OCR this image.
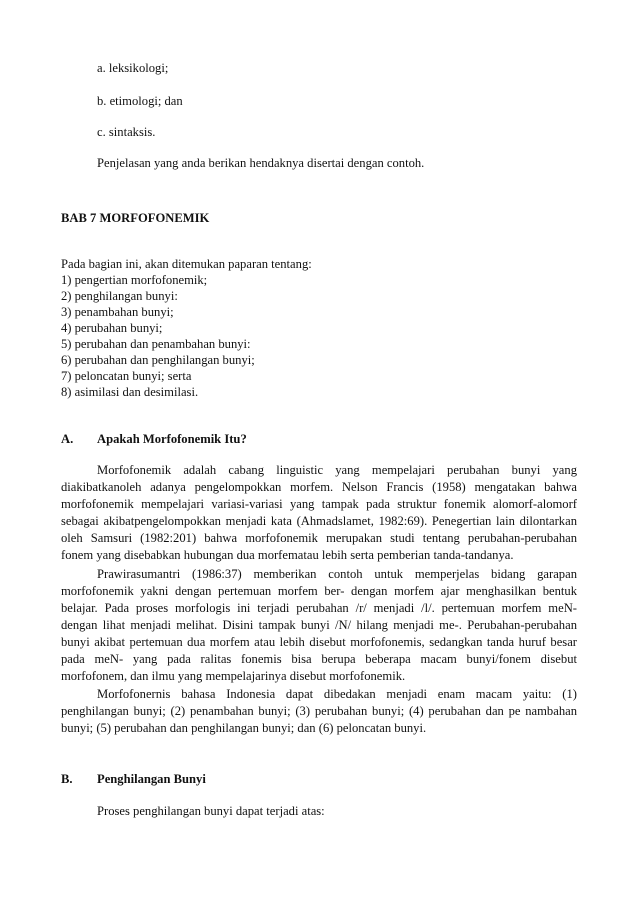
a. leksikologi;
b. etimologi; dan
c. sintaksis.
Penjelasan yang anda berikan hendaknya disertai dengan contoh.
BAB 7 MORFOFONEMIK
Pada bagian ini, akan ditemukan paparan tentang:
1) pengertian morfofonemik;
2) penghilangan bunyi:
3) penambahan bunyi;
4) perubahan bunyi;
5) perubahan dan penambahan bunyi:
6) perubahan dan penghilangan bunyi;
7) peloncatan bunyi; serta
8) asimilasi dan desimilasi.
A. Apakah Morfofonemik Itu?
Morfofonemik adalah cabang linguistic yang mempelajari perubahan bunyi yang
diakibatkanoleh adanya pengelompokkan morfem. Nelson Francis (1958) mengatakan bahwa
morfofonemik mempelajari variasi-variasi yang tampak pada struktur fonemik alomorf-alomorf
sebagai akibatpengelompokkan menjadi kata (Ahmadslamet, 1982:69). Penegertian lain dilontarkan
oleh Samsuri (1982:201) bahwa morfofonemik merupakan studi tentang perubahan-perubahan
fonem yang disebabkan hubungan dua morfematau lebih serta pemberian tanda-tandanya.
Prawirasumantri (1986:37) memberikan contoh untuk memperjelas bidang garapan
morfofonemik yakni dengan pertemuan morfem ber- dengan morfem ajar menghasilkan bentuk
belajar. Pada proses morfologis ini terjadi perubahan /r/ menjadi /l/. pertemuan morfem meN-
dengan lihat menjadi melihat. Disini tampak bunyi /N/ hilang menjadi me-. Perubahan-perubahan
bunyi akibat pertemuan dua morfem atau lebih disebut morfofonemis, sedangkan tanda huruf besar
pada meN- yang pada ralitas fonemis bisa berupa beberapa macam bunyi/fonem disebut
morfofonem, dan ilmu yang mempelajarinya disebut morfofonemik.
Morfofonernis bahasa Indonesia dapat dibedakan menjadi enam macam yaitu: (1)
penghilangan bunyi; (2) penambahan bunyi; (3) perubahan bunyi; (4) perubahan dan pe nambahan
bunyi; (5) perubahan dan penghilangan bunyi; dan (6) peloncatan bunyi.
B. Penghilangan Bunyi
Proses penghilangan bunyi dapat terjadi atas:
